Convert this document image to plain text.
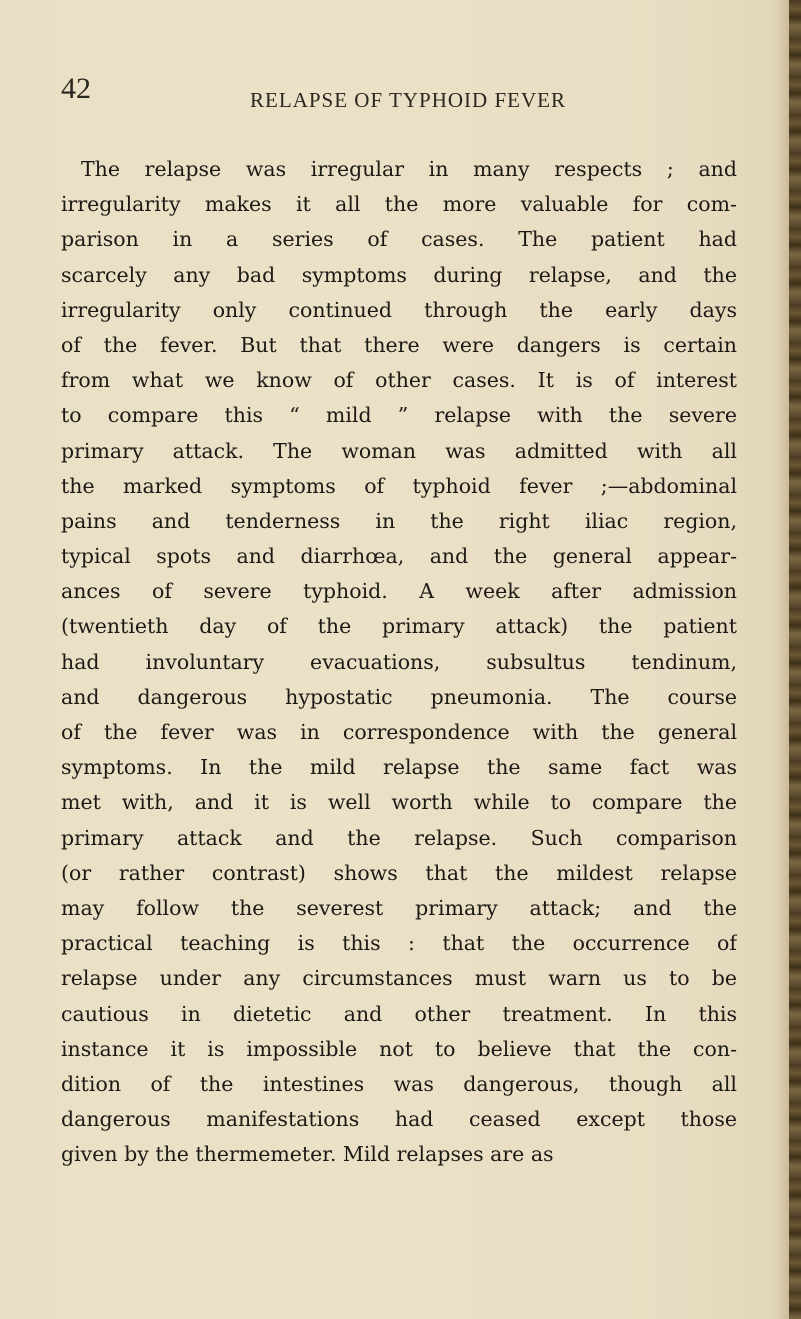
42	RELAPSE OF TYPHOID FEVER

The relapse was irregular in many respects ; and
irregularity makes it all the more valuable for com-
parison in a series of cases. The patient had
scarcely any bad symptoms during relapse, and the
irregularity only continued through the early days
of the fever. But that there were dangers is certain
from what we know of other cases. It is of interest
to compare this “ mild ” relapse with the severe
primary attack. The woman was admitted with all
the marked symptoms of typhoid fever ;—abdominal
pains and tenderness in the right iliac region,
typical spots and diarrhœa, and the general appear-
ances of severe typhoid. A week after admission
(twentieth day of the primary attack) the patient
had involuntary evacuations, subsultus tendinum,
and dangerous hypostatic pneumonia. The course
of the fever was in correspondence with the general
symptoms. In the mild relapse the same fact was
met with, and it is well worth while to compare the
primary attack and the relapse. Such comparison
(or rather contrast) shows that the mildest relapse
may follow the severest primary attack; and the
practical teaching is this : that the occurrence of
relapse under any circumstances must warn us to be
cautious in dietetic and other treatment. In this
instance it is impossible not to believe that the con-
dition of the intestines was dangerous, though all
dangerous manifestations had ceased except those
given by the thermemeter. Mild relapses are as
